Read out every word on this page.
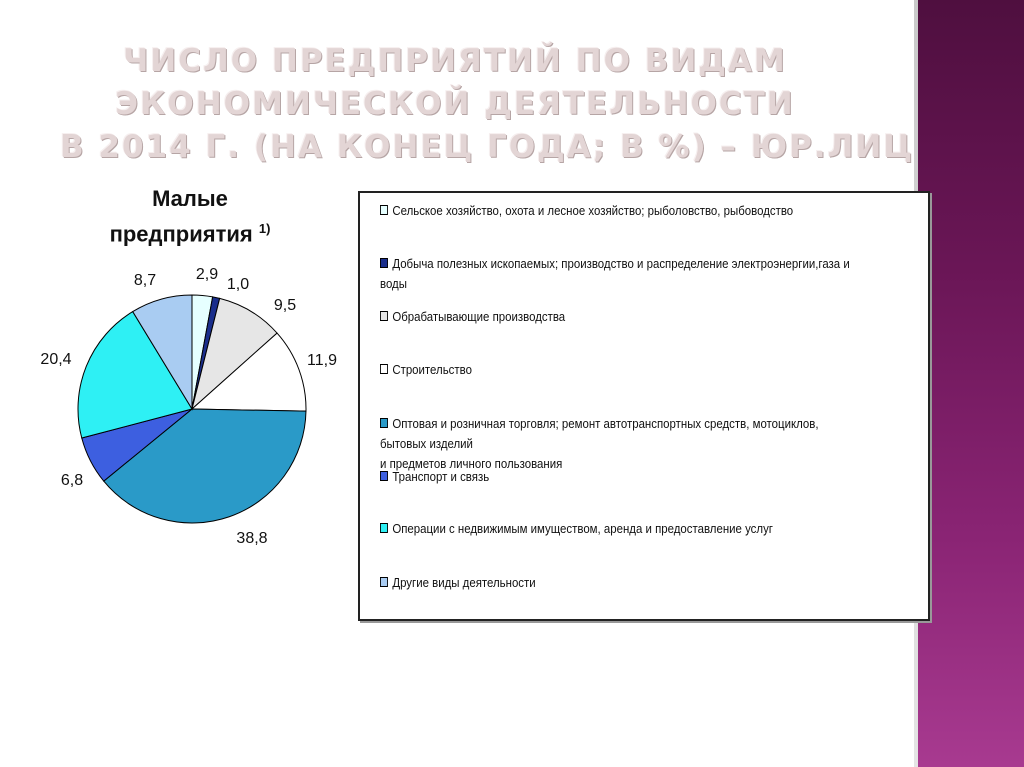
ЧИСЛО ПРЕДПРИЯТИЙ ПО ВИДАМ
ЭКОНОМИЧЕСКОЙ ДЕЯТЕЛЬНОСТИ
В 2014 Г. (НА КОНЕЦ ГОДА; В %) – ЮР.ЛИЦ
Малые
предприятия $^{1)}$
2,9
1,0
9,5
11,9
38,8
6,8
20,4
8,7
Сельское хозяйство, охота и лесное хозяйство; рыболовство, рыбоводство
Добыча полезных ископаемых; производство и распределение электроэнергии,газа и воды
Обрабатывающие производства
Строительство
Оптовая и розничная торговля; ремонт автотранспортных средств, мотоциклов, бытовых изделий
и предметов личного пользования
Транспорт и связь
Операции с недвижимым имуществом, аренда и предоставление услуг
Другие виды деятельности
